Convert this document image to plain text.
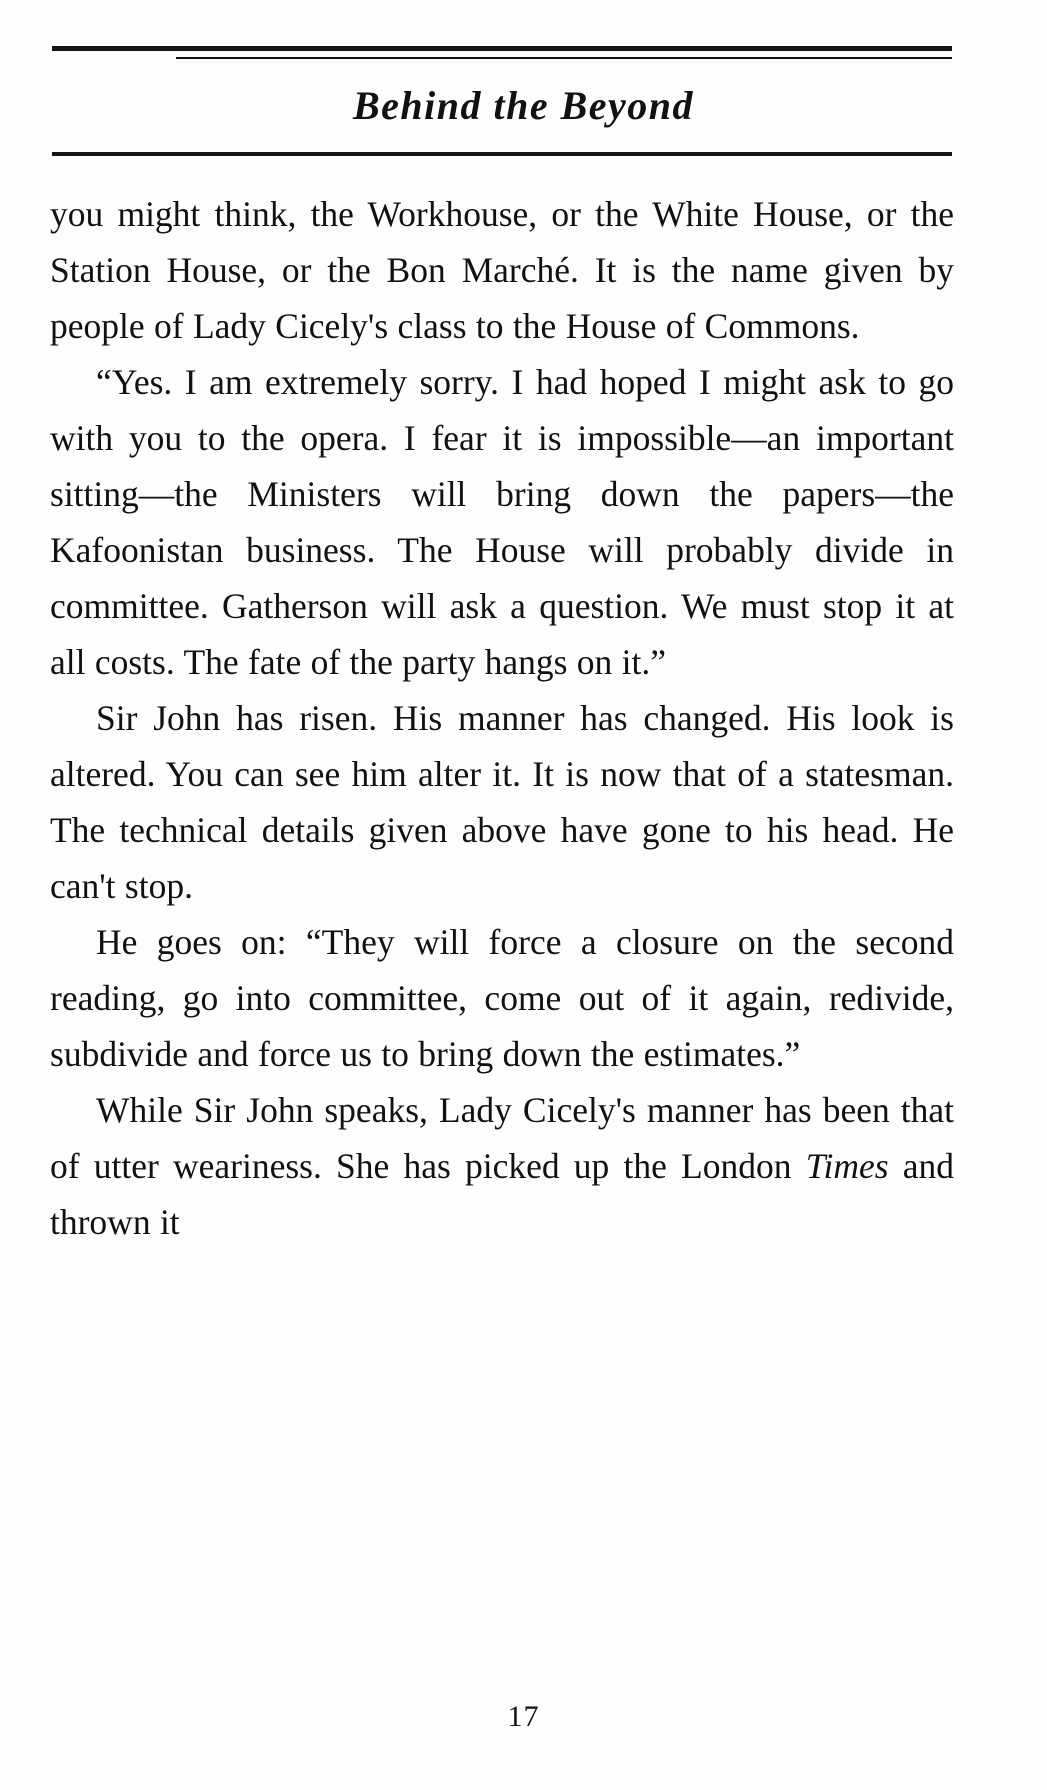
Behind the Beyond

you might think, the Workhouse, or the White House, or the Station House, or the Bon Marché. It is the name given by people of Lady Cicely's class to the House of Commons.

“Yes. I am extremely sorry. I had hoped I might ask to go with you to the opera. I fear it is impossible—an important sitting—the Ministers will bring down the papers—the Kafoonistan business. The House will probably divide in committee. Gatherson will ask a question. We must stop it at all costs. The fate of the party hangs on it.”

Sir John has risen. His manner has changed. His look is altered. You can see him alter it. It is now that of a statesman. The technical details given above have gone to his head. He can't stop.

He goes on: “They will force a closure on the second reading, go into committee, come out of it again, redivide, subdivide and force us to bring down the estimates.”

While Sir John speaks, Lady Cicely's manner has been that of utter weariness. She has picked up the London Times and thrown it

17
